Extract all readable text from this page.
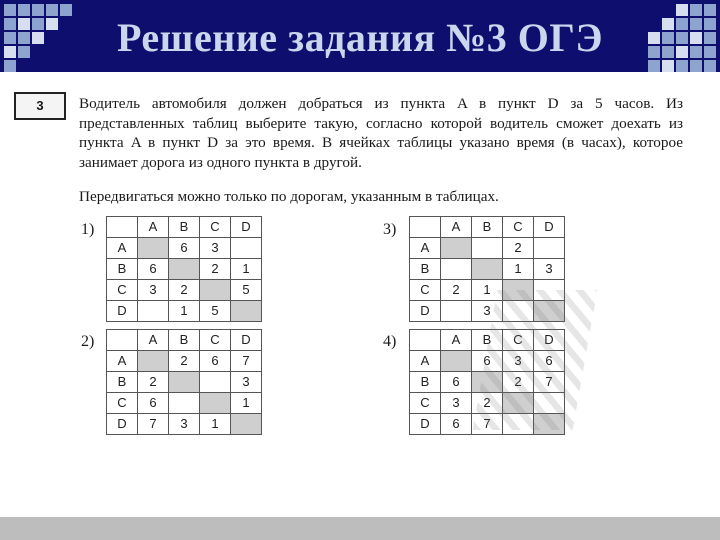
Решение задания №3 ОГЭ
3	Водитель автомобиля должен добраться из пункта A в пункт D за 5 часов. Из представленных таблиц выберите такую, согласно которой водитель сможет доехать из пункта A в пункт D за это время. В ячейках таблицы указано время (в часах), которое занимает дорога из одного пункта в другой.
Передвигаться можно только по дорогам, указанным в таблицах.
1)
		A	B	C	D
A		6	3	
B	6		2	1
C	3	2		5
D		1	5	
2)
		A	B	C	D
A		2	6	7
B	2			3
C	6			1
D	7	3	1	
3)
		A	B	C	D
A			2	
B			1	3
C	2	1		
D		3		
4)
		A	B	C	D
A		6	3	6
B	6		2	7
C	3	2		
D	6	7		
